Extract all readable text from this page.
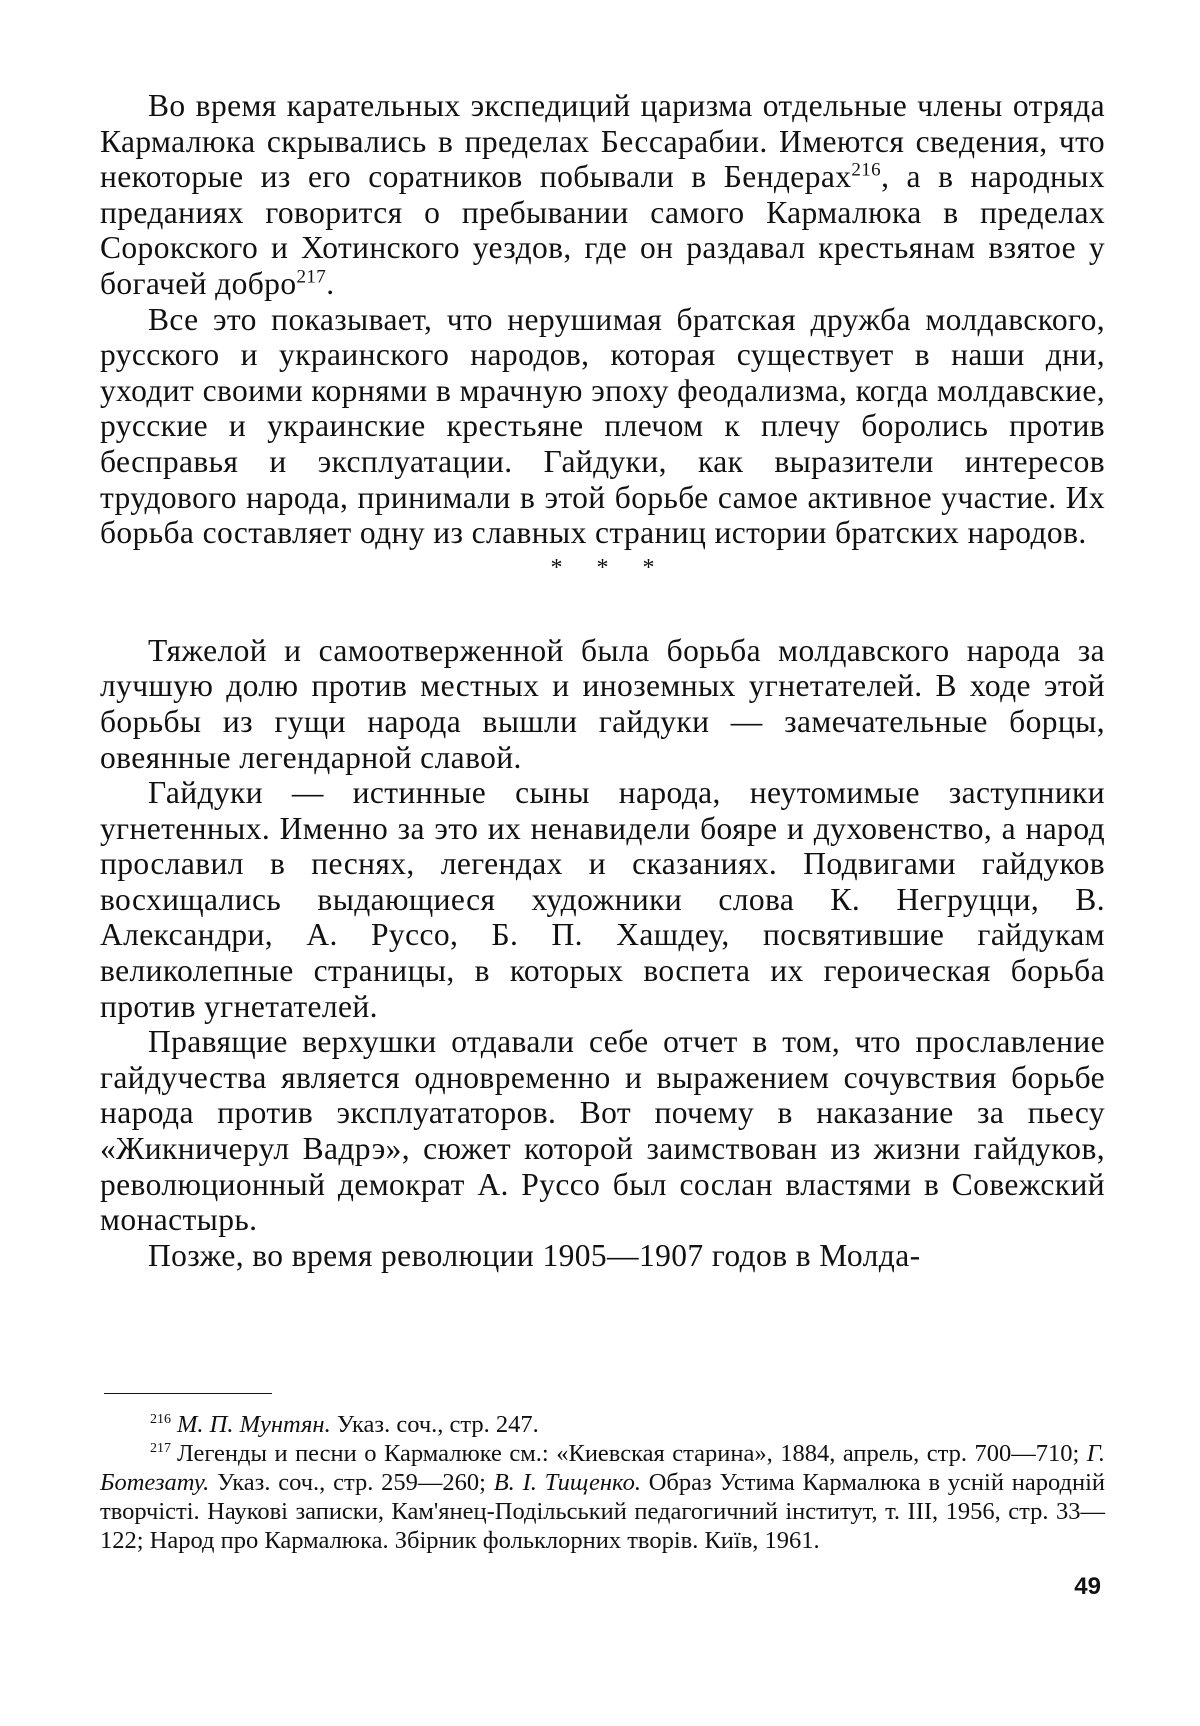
Во время карательных экспедиций царизма отдельные члены отряда Кармалюка скрывались в пределах Бессарабии. Имеются сведения, что некоторые из его соратников побывали в Бендерах$^{216}$, а в народных преданиях говорится о пребывании самого Кармалюка в пределах Сорокского и Хотинского уездов, где он раздавал крестьянам взятое у богачей добро$^{217}$.

Все это показывает, что нерушимая братская дружба молдавского, русского и украинского народов, которая существует в наши дни, уходит своими корнями в мрачную эпоху феодализма, когда молдавские, русские и украинские крестьяне плечом к плечу боролись против бесправья и эксплуатации. Гайдуки, как выразители интересов трудового народа, принимали в этой борьбе самое активное участие. Их борьба составляет одну из славных страниц истории братских народов.

* * *

Тяжелой и самоотверженной была борьба молдавского народа за лучшую долю против местных и иноземных угнетателей. В ходе этой борьбы из гущи народа вышли гайдуки — замечательные борцы, овеянные легендарной славой.

Гайдуки — истинные сыны народа, неутомимые заступники угнетенных. Именно за это их ненавидели бояре и духовенство, а народ прославил в песнях, легендах и сказаниях. Подвигами гайдуков восхищались выдающиеся художники слова К. Негруцци, В. Александри, А. Руссо, Б. П. Хашдеу, посвятившие гайдукам великолепные страницы, в которых воспета их героическая борьба против угнетателей.

Правящие верхушки отдавали себе отчет в том, что прославление гайдучества является одновременно и выражением сочувствия борьбе народа против эксплуататоров. Вот почему в наказание за пьесу «Жикничерул Вадрэ», сюжет которой заимствован из жизни гайдуков, революционный демократ А. Руссо был сослан властями в Совежский монастырь.

Позже, во время революции 1905—1907 годов в Молда-

$^{216}$ М. П. Мунтян. Указ. соч., стр. 247.

$^{217}$ Легенды и песни о Кармалюке см.: «Киевская старина», 1884, апрель, стр. 700—710; Г. Ботезату. Указ. соч., стр. 259—260; В. І. Тищенко. Образ Устима Кармалюка в усній народній творчісті. Наукові записки, Кам'янец-Подільський педагогичний інститут, т. III, 1956, стр. 33—122; Народ про Кармалюка. Збірник фольклорних творів. Київ, 1961.

49
